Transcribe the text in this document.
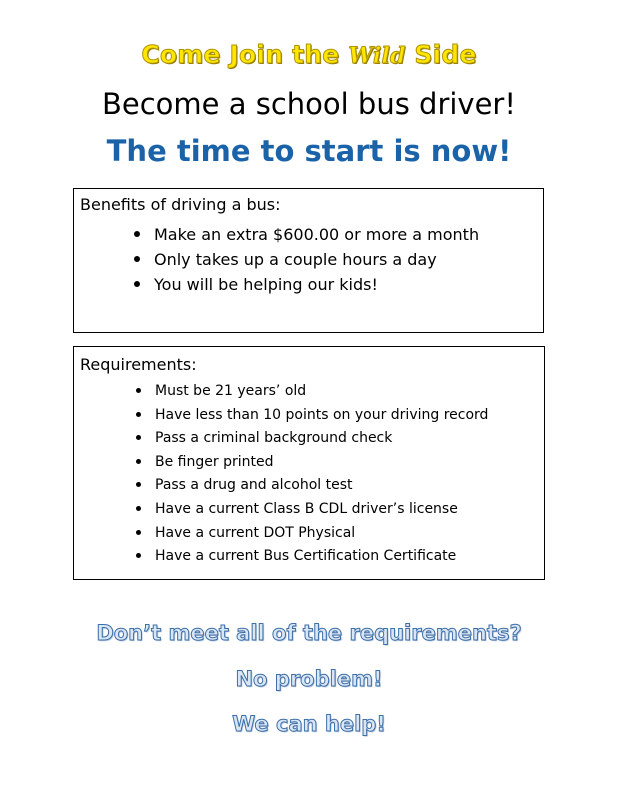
Come Join the Wild Side
Become a school bus driver!
The time to start is now!
Benefits of driving a bus:
Make an extra $600.00 or more a month
Only takes up a couple hours a day
You will be helping our kids!
Requirements:
Must be 21 years’ old
Have less than 10 points on your driving record
Pass a criminal background check
Be finger printed
Pass a drug and alcohol test
Have a current Class B CDL driver’s license
Have a current DOT Physical
Have a current Bus Certification Certificate
Don’t meet all of the requirements?
No problem!
We can help!
